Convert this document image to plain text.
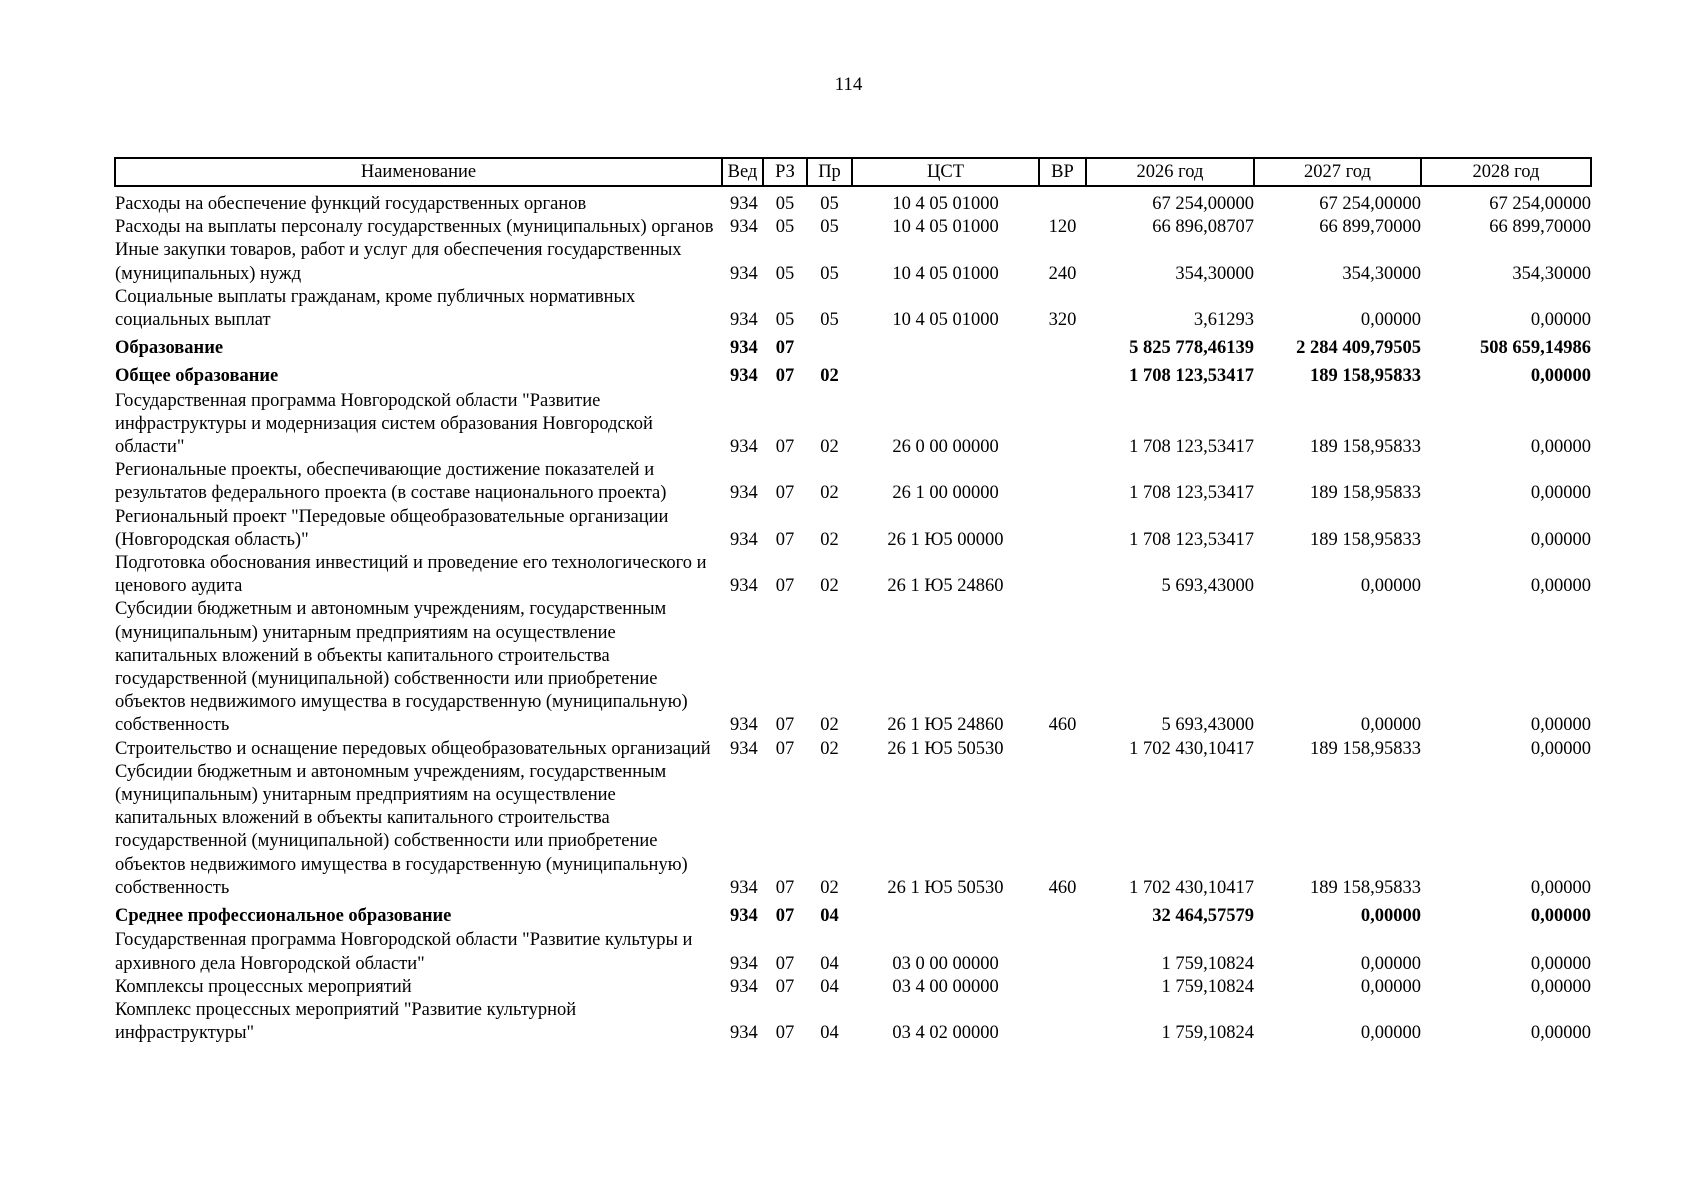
114
Наименование	Вед	РЗ	Пр	ЦСТ	ВР	2026 год	2027 год	2028 год
Расходы на обеспечение функций государственных органов	934	05	05	10 4 05 01000		67 254,00000	67 254,00000	67 254,00000
Расходы на выплаты персоналу государственных (муниципальных) органов	934	05	05	10 4 05 01000	120	66 896,08707	66 899,70000	66 899,70000
Иные закупки товаров, работ и услуг для обеспечения государственных (муниципальных) нужд	934	05	05	10 4 05 01000	240	354,30000	354,30000	354,30000
Социальные выплаты гражданам, кроме публичных нормативных социальных выплат	934	05	05	10 4 05 01000	320	3,61293	0,00000	0,00000
Образование	934	07				5 825 778,46139	2 284 409,79505	508 659,14986
Общее образование	934	07	02			1 708 123,53417	189 158,95833	0,00000
Государственная программа Новгородской области "Развитие инфраструктуры и модернизация систем образования Новгородской области"	934	07	02	26 0 00 00000		1 708 123,53417	189 158,95833	0,00000
Региональные проекты, обеспечивающие достижение показателей и результатов федерального проекта (в составе национального проекта)	934	07	02	26 1 00 00000		1 708 123,53417	189 158,95833	0,00000
Региональный проект "Передовые общеобразовательные организации (Новгородская область)"	934	07	02	26 1 Ю5 00000		1 708 123,53417	189 158,95833	0,00000
Подготовка обоснования инвестиций и проведение его технологического и ценового аудита	934	07	02	26 1 Ю5 24860		5 693,43000	0,00000	0,00000
Субсидии бюджетным и автономным учреждениям, государственным (муниципальным) унитарным предприятиям на осуществление капитальных вложений в объекты капитального строительства государственной (муниципальной) собственности или приобретение объектов недвижимого имущества в государственную (муниципальную) собственность	934	07	02	26 1 Ю5 24860	460	5 693,43000	0,00000	0,00000
Строительство и оснащение передовых общеобразовательных организаций	934	07	02	26 1 Ю5 50530		1 702 430,10417	189 158,95833	0,00000
Субсидии бюджетным и автономным учреждениям, государственным (муниципальным) унитарным предприятиям на осуществление капитальных вложений в объекты капитального строительства государственной (муниципальной) собственности или приобретение объектов недвижимого имущества в государственную (муниципальную) собственность	934	07	02	26 1 Ю5 50530	460	1 702 430,10417	189 158,95833	0,00000
Среднее профессиональное образование	934	07	04			32 464,57579	0,00000	0,00000
Государственная программа Новгородской области "Развитие культуры и архивного дела Новгородской области"	934	07	04	03 0 00 00000		1 759,10824	0,00000	0,00000
Комплексы процессных мероприятий	934	07	04	03 4 00 00000		1 759,10824	0,00000	0,00000
Комплекс процессных мероприятий "Развитие культурной инфраструктуры"	934	07	04	03 4 02 00000		1 759,10824	0,00000	0,00000
